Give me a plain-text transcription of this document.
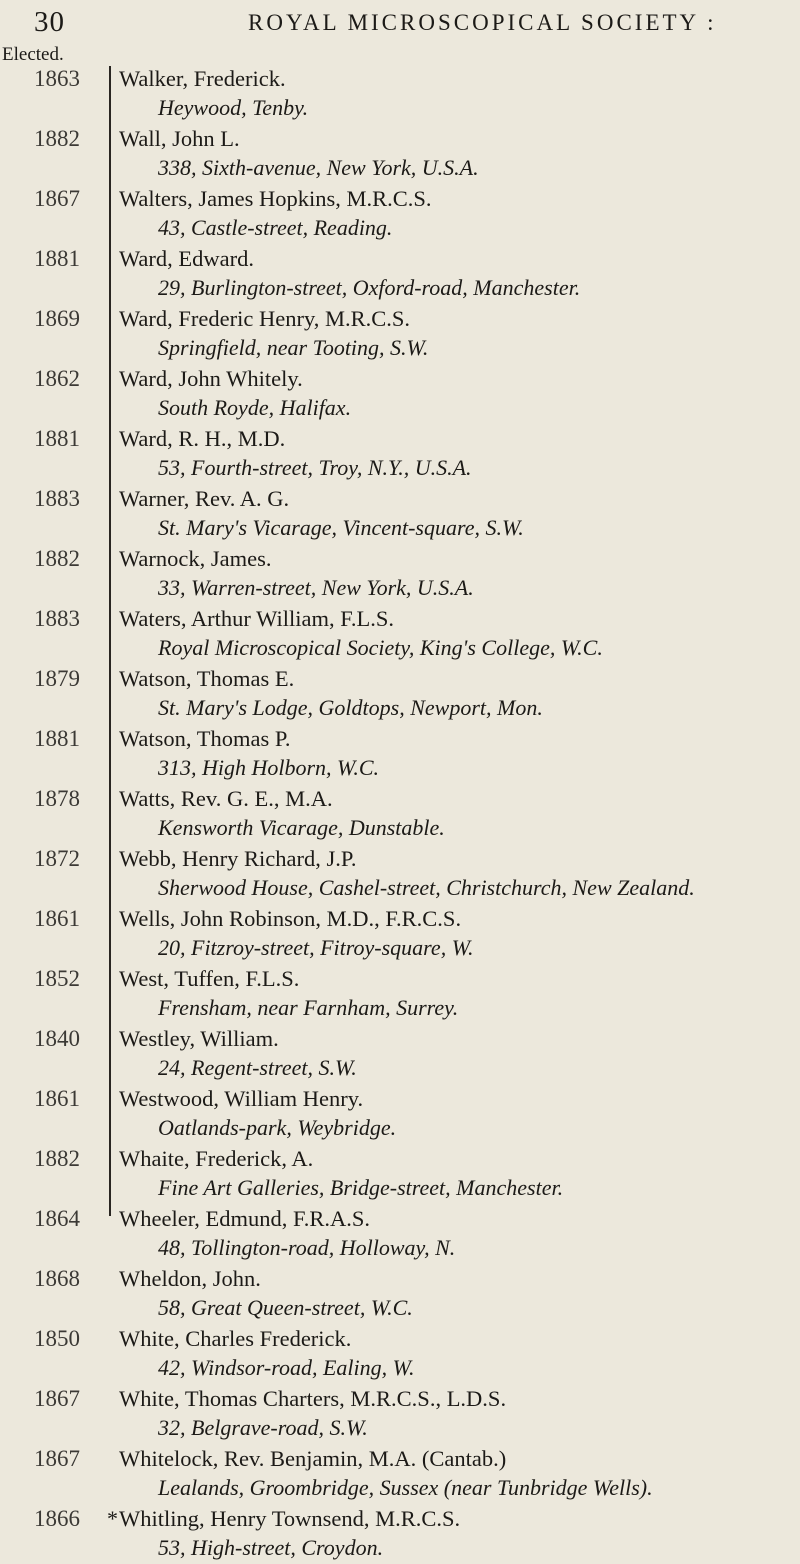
30	ROYAL MICROSCOPICAL SOCIETY :
Elected.
1863	Walker, Frederick.
Heywood, Tenby.
1882	Wall, John L.
338, Sixth-avenue, New York, U.S.A.
1867	Walters, James Hopkins, M.R.C.S.
43, Castle-street, Reading.
1881	Ward, Edward.
29, Burlington-street, Oxford-road, Manchester.
1869	Ward, Frederic Henry, M.R.C.S.
Springfield, near Tooting, S.W.
1862	Ward, John Whitely.
South Royde, Halifax.
1881	Ward, R. H., M.D.
53, Fourth-street, Troy, N.Y., U.S.A.
1883	Warner, Rev. A. G.
St. Mary's Vicarage, Vincent-square, S.W.
1882	Warnock, James.
33, Warren-street, New York, U.S.A.
1883	Waters, Arthur William, F.L.S.
Royal Microscopical Society, King's College, W.C.
1879	Watson, Thomas E.
St. Mary's Lodge, Goldtops, Newport, Mon.
1881	Watson, Thomas P.
313, High Holborn, W.C.
1878	Watts, Rev. G. E., M.A.
Kensworth Vicarage, Dunstable.
1872	Webb, Henry Richard, J.P.
Sherwood House, Cashel-street, Christchurch, New Zealand.
1861	Wells, John Robinson, M.D., F.R.C.S.
20, Fitzroy-street, Fitroy-square, W.
1852	West, Tuffen, F.L.S.
Frensham, near Farnham, Surrey.
1840	Westley, William.
24, Regent-street, S.W.
1861	Westwood, William Henry.
Oatlands-park, Weybridge.
1882	Whaite, Frederick, A.
Fine Art Galleries, Bridge-street, Manchester.
1864	Wheeler, Edmund, F.R.A.S.
48, Tollington-road, Holloway, N.
1868	Wheldon, John.
58, Great Queen-street, W.C.
1850	White, Charles Frederick.
42, Windsor-road, Ealing, W.
1867	White, Thomas Charters, M.R.C.S., L.D.S.
32, Belgrave-road, S.W.
1867	Whitelock, Rev. Benjamin, M.A. (Cantab.)
Lealands, Groombridge, Sussex (near Tunbridge Wells).
1866	* Whitling, Henry Townsend, M.R.C.S.
53, High-street, Croydon.
